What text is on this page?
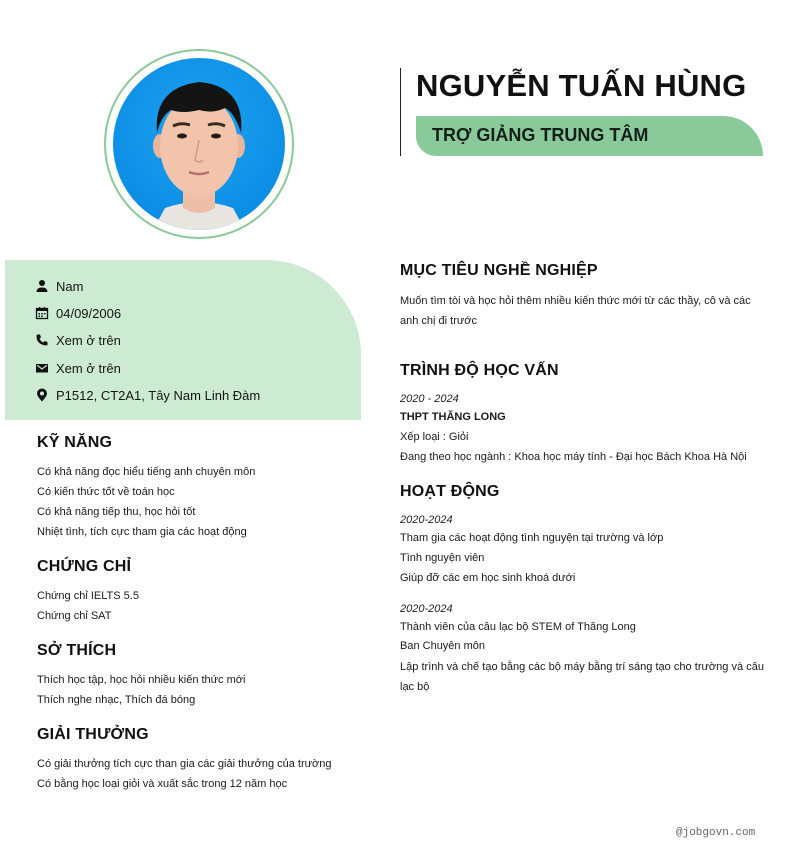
NGUYỄN TUẤN HÙNG
TRỢ GIẢNG TRUNG TÂM
Nam
04/09/2006
Xem ở trên
Xem ở trên
P1512, CT2A1, Tây Nam Linh Đàm
KỸ NĂNG
Có khả năng đọc hiểu tiếng anh chuyên môn
Có kiến thức tốt về toán học
Có khả năng tiếp thu, học hỏi tốt
Nhiệt tình, tích cực tham gia các hoạt động
CHỨNG CHỈ
Chứng chỉ IELTS 5.5
Chứng chỉ SAT
SỞ THÍCH
Thích học tập, học hỏi nhiều kiến thức mới
Thích nghe nhạc, Thích đá bóng
GIẢI THƯỞNG
Có giải thưởng tích cực than gia các giải thưởng của trường
Có bằng học loại giỏi và xuất sắc trong 12 năm học
MỤC TIÊU NGHỀ NGHIỆP
Muốn tìm tòi và học hỏi thêm nhiều kiến thức mới từ các thầy, cô và các anh chị đi trước
TRÌNH ĐỘ HỌC VẤN
2020 - 2024
THPT THĂNG LONG
Xếp loại : Giỏi
Đang theo học ngành : Khoa học máy tính - Đại học Bách Khoa Hà Nội
HOẠT ĐỘNG
2020-2024
Tham gia các hoạt động tình nguyện tại trường và lớp
Tình nguyện viên
Giúp đỡ các em học sinh khoá dưới
2020-2024
Thành viên của câu lạc bộ STEM of Thăng Long
Ban Chuyên môn
Lập trình và chế tạo bằng các bộ máy bằng trí sáng tạo cho trường và câu lạc bộ
@jobgovn.com
